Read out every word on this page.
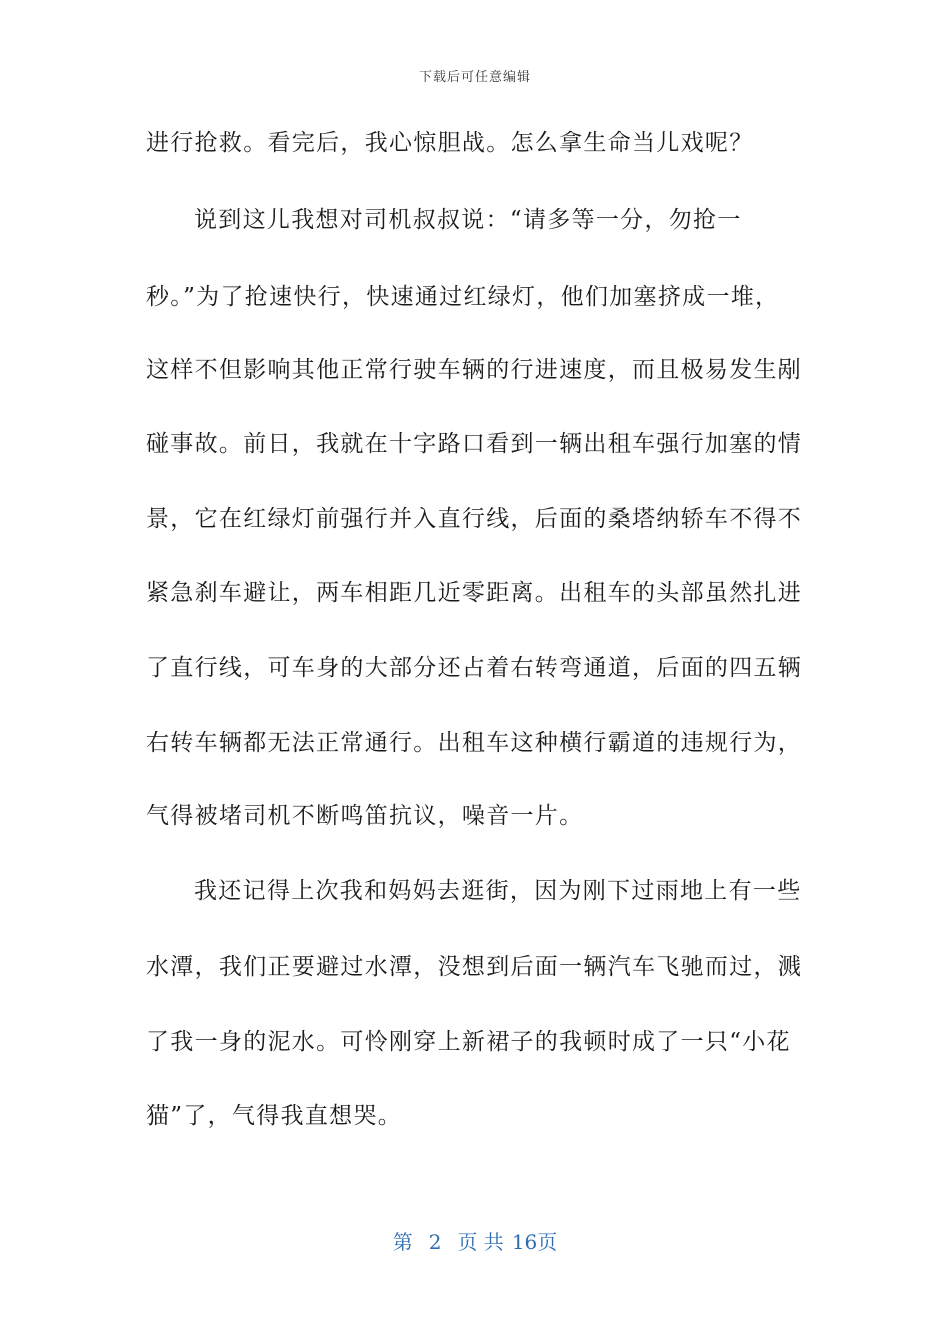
下载后可任意编辑
进行抢救。看完后，我心惊胆战。怎么拿生命当儿戏呢？
说到这儿我想对司机叔叔说：“请多等一分，勿抢一
秒。”为了抢速快行，快速通过红绿灯，他们加塞挤成一堆，
这样不但影响其他正常行驶车辆的行进速度，而且极易发生剐
碰事故。前日，我就在十字路口看到一辆出租车强行加塞的情
景，它在红绿灯前强行并入直行线，后面的桑塔纳轿车不得不
紧急刹车避让，两车相距几近零距离。出租车的头部虽然扎进
了直行线，可车身的大部分还占着右转弯通道，后面的四五辆
右转车辆都无法正常通行。出租车这种横行霸道的违规行为，
气得被堵司机不断鸣笛抗议，噪音一片。
我还记得上次我和妈妈去逛街，因为刚下过雨地上有一些
水潭，我们正要避过水潭，没想到后面一辆汽车飞驰而过，溅
了我一身的泥水。可怜刚穿上新裙子的我顿时成了一只“小花
猫”了，气得我直想哭。
第 2 页 共 16页
